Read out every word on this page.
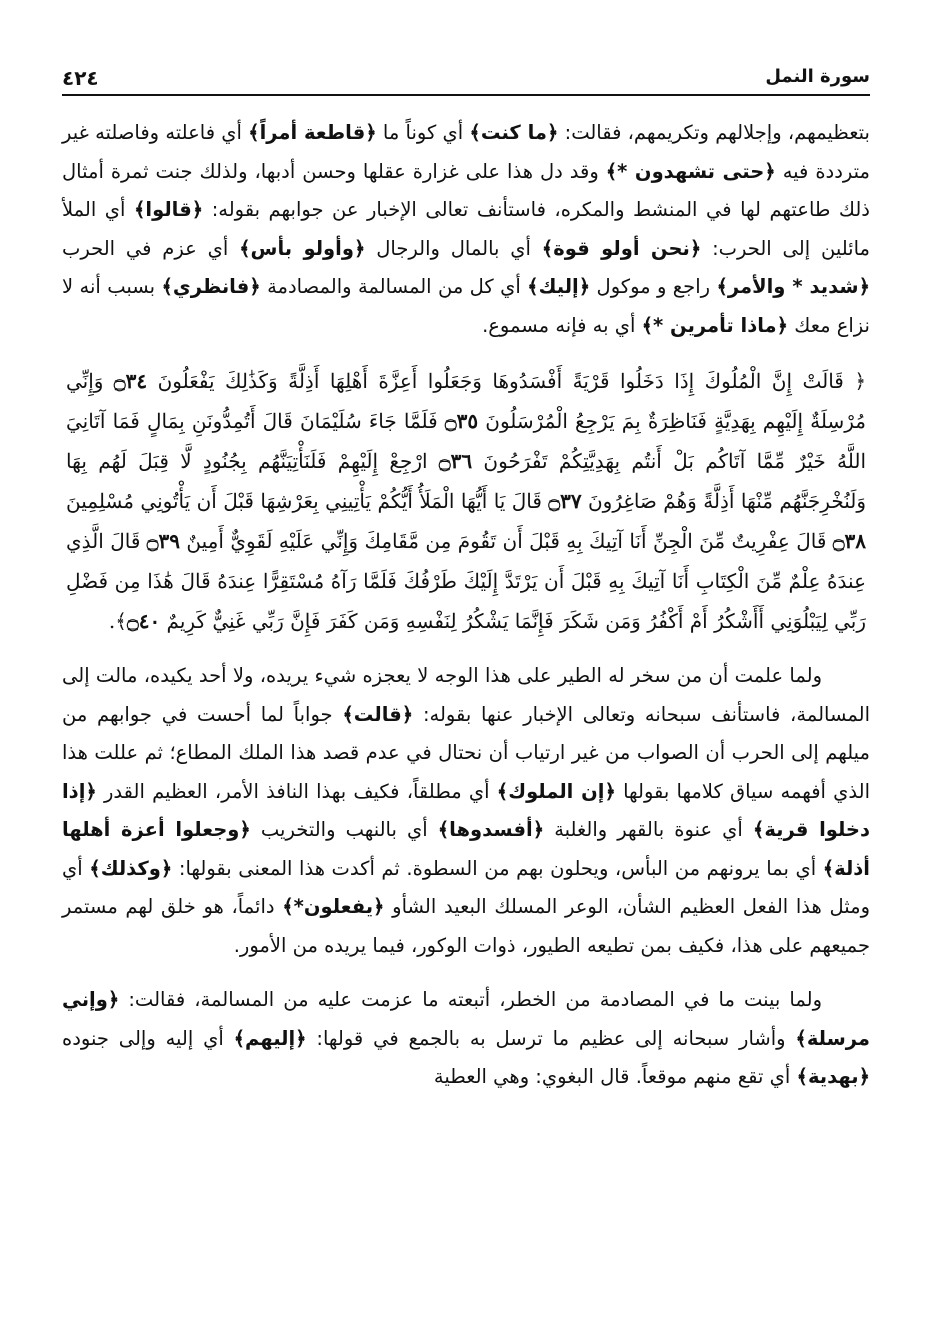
٤٢٤	سورة النمل

بتعظيمهم، وإجلالهم وتكريمهم، فقالت: ﴿ما كنت﴾ أي كوناً ما ﴿قاطعة أمراً﴾ أي فاعلته وفاصلته غير مترددة فيه ﴿حتى تشهدون *﴾ وقد دل هذا على غزارة عقلها وحسن أدبها، ولذلك جنت ثمرة أمثال ذلك طاعتهم لها في المنشط والمكره، فاستأنف تعالى الإخبار عن جوابهم بقوله: ﴿قالوا﴾ أي الملأ مائلين إلى الحرب: ﴿نحن أولو قوة﴾ أي بالمال والرجال ﴿وأولو بأس﴾ أي عزم في الحرب ﴿شديد * والأمر﴾ راجع و موكول ﴿إليك﴾ أي كل من المسالمة والمصادمة ﴿فانظري﴾ بسبب أنه لا نزاع معك ﴿ماذا تأمرين *﴾ أي به فإنه مسموع.

﴿ قَالَتْ إِنَّ الْمُلُوكَ إِذَا دَخَلُوا قَرْيَةً أَفْسَدُوهَا وَجَعَلُوا أَعِزَّةَ أَهْلِهَا أَذِلَّةً وَكَذَٰلِكَ يَفْعَلُونَ ۝٣٤ وَإِنِّي مُرْسِلَةٌ إِلَيْهِم بِهَدِيَّةٍ فَنَاظِرَةٌ بِمَ يَرْجِعُ الْمُرْسَلُونَ ۝٣٥ فَلَمَّا جَاءَ سُلَيْمَانَ قَالَ أَتُمِدُّونَنِ بِمَالٍ فَمَا آتَانِيَ اللَّهُ خَيْرٌ مِّمَّا آتَاكُم بَلْ أَنتُم بِهَدِيَّتِكُمْ تَفْرَحُونَ ۝٣٦ ارْجِعْ إِلَيْهِمْ فَلَنَأْتِيَنَّهُم بِجُنُودٍ لَّا قِبَلَ لَهُم بِهَا وَلَنُخْرِجَنَّهُم مِّنْهَا أَذِلَّةً وَهُمْ صَاغِرُونَ ۝٣٧ قَالَ يَا أَيُّهَا الْمَلَأُ أَيُّكُمْ يَأْتِينِي بِعَرْشِهَا قَبْلَ أَن يَأْتُونِي مُسْلِمِينَ ۝٣٨ قَالَ عِفْرِيتٌ مِّنَ الْجِنِّ أَنَا آتِيكَ بِهِ قَبْلَ أَن تَقُومَ مِن مَّقَامِكَ وَإِنِّي عَلَيْهِ لَقَوِيٌّ أَمِينٌ ۝٣٩ قَالَ الَّذِي عِندَهُ عِلْمٌ مِّنَ الْكِتَابِ أَنَا آتِيكَ بِهِ قَبْلَ أَن يَرْتَدَّ إِلَيْكَ طَرْفُكَ فَلَمَّا رَآهُ مُسْتَقِرًّا عِندَهُ قَالَ هَٰذَا مِن فَضْلِ رَبِّي لِيَبْلُوَنِي أَأَشْكُرُ أَمْ أَكْفُرُ وَمَن شَكَرَ فَإِنَّمَا يَشْكُرُ لِنَفْسِهِ وَمَن كَفَرَ فَإِنَّ رَبِّي غَنِيٌّ كَرِيمٌ ۝٤٠﴾.

ولما علمت أن من سخر له الطير على هذا الوجه لا يعجزه شيء يريده، ولا أحد يكيده، مالت إلى المسالمة، فاستأنف سبحانه وتعالى الإخبار عنها بقوله: ﴿قالت﴾ جواباً لما أحست في جوابهم من ميلهم إلى الحرب أن الصواب من غير ارتياب أن نحتال في عدم قصد هذا الملك المطاع؛ ثم عللت هذا الذي أفهمه سياق كلامها بقولها ﴿إن الملوك﴾ أي مطلقاً، فكيف بهذا النافذ الأمر، العظيم القدر ﴿إذا دخلوا قرية﴾ أي عنوة بالقهر والغلبة ﴿أفسدوها﴾ أي بالنهب والتخريب ﴿وجعلوا أعزة أهلها أذلة﴾ أي بما يرونهم من البأس، ويحلون بهم من السطوة. ثم أكدت هذا المعنى بقولها: ﴿وكذلك﴾ أي ومثل هذا الفعل العظيم الشأن، الوعر المسلك البعيد الشأو ﴿يفعلون*﴾ دائماً، هو خلق لهم مستمر جميعهم على هذا، فكيف بمن تطيعه الطيور، ذوات الوكور، فيما يريده من الأمور.

ولما بينت ما في المصادمة من الخطر، أتبعته ما عزمت عليه من المسالمة، فقالت: ﴿وإني مرسلة﴾ وأشار سبحانه إلى عظيم ما ترسل به بالجمع في قولها: ﴿إليهم﴾ أي إليه وإلى جنوده ﴿بهدية﴾ أي تقع منهم موقعاً. قال البغوي: وهي العطية
